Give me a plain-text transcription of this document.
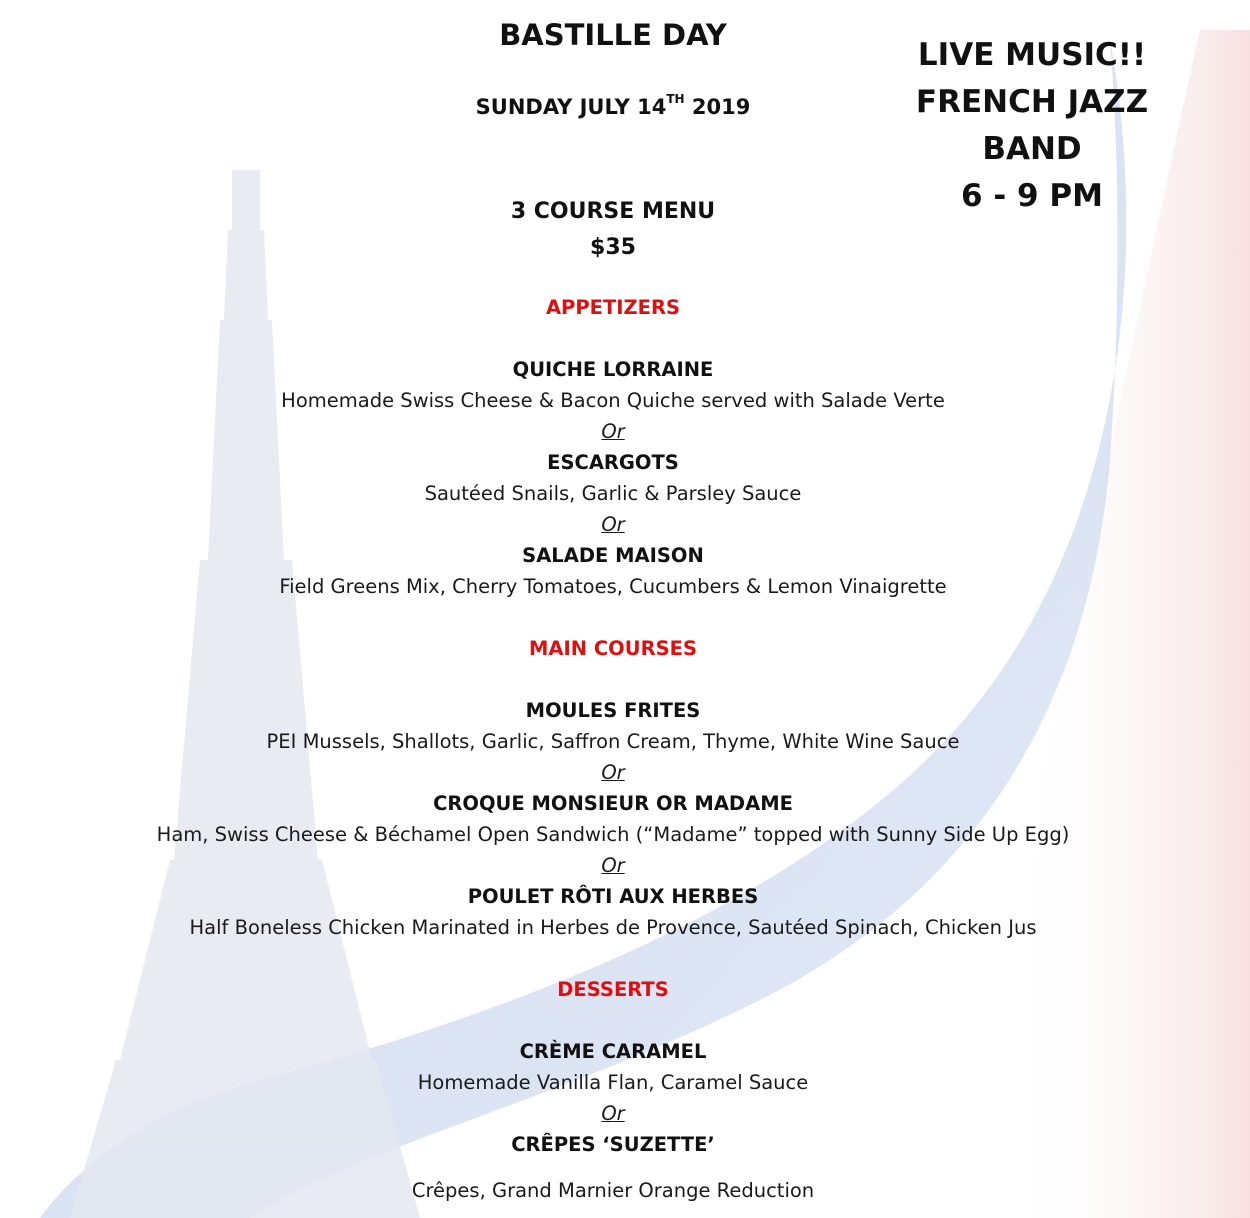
BASTILLE DAY
SUNDAY JULY 14TH 2019
3 COURSE MENU
$35
LIVE MUSIC!!
FRENCH JAZZ
BAND
6 - 9 PM
APPETIZERS
QUICHE LORRAINE
Homemade Swiss Cheese & Bacon Quiche served with Salade Verte
Or
ESCARGOTS
Sautéed Snails, Garlic & Parsley Sauce
Or
SALADE MAISON
Field Greens Mix, Cherry Tomatoes, Cucumbers & Lemon Vinaigrette
MAIN COURSES
MOULES FRITES
PEI Mussels, Shallots, Garlic, Saffron Cream, Thyme, White Wine Sauce
Or
CROQUE MONSIEUR OR MADAME
Ham, Swiss Cheese & Béchamel Open Sandwich (“Madame” topped with Sunny Side Up Egg)
Or
POULET RÔTI AUX HERBES
Half Boneless Chicken Marinated in Herbes de Provence, Sautéed Spinach, Chicken Jus
DESSERTS
CRÈME CARAMEL
Homemade Vanilla Flan, Caramel Sauce
Or
CRÊPES ‘SUZETTE’
Crêpes, Grand Marnier Orange Reduction
